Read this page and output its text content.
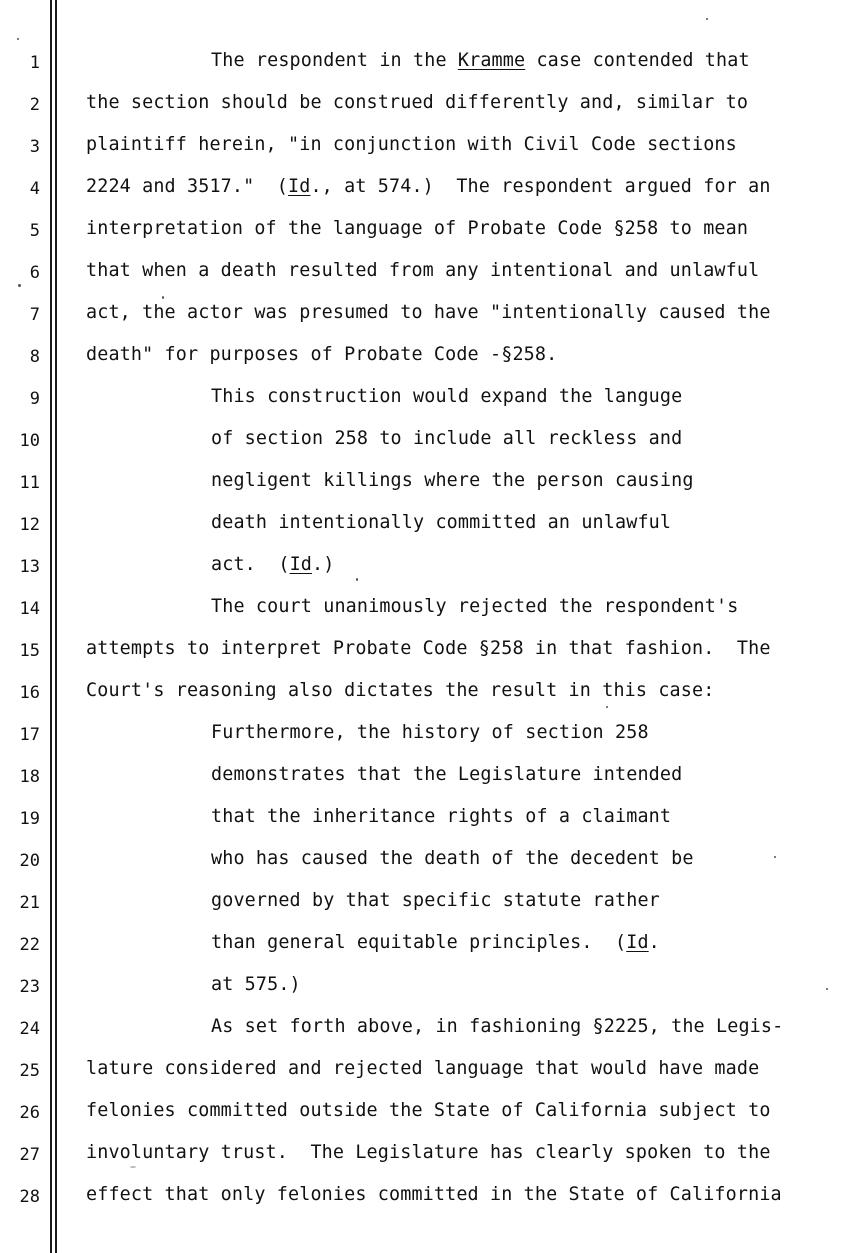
1
2
3
4
5
6
7
8
9
10
11
12
13
14
15
16
17
18
19
20
21
22
23
24
25
26
27
28
The respondent in the Kramme case contended that
the section should be construed differently and, similar to
plaintiff herein, "in conjunction with Civil Code sections
2224 and 3517."  (Id., at 574.)  The respondent argued for an
interpretation of the language of Probate Code §258 to mean
that when a death resulted from any intentional and unlawful
act, the actor was presumed to have "intentionally caused the
death" for purposes of Probate Code -§258.
This construction would expand the languge
of section 258 to include all reckless and
negligent killings where the person causing
death intentionally committed an unlawful
act.  (Id.)
The court unanimously rejected the respondent's
attempts to interpret Probate Code §258 in that fashion.  The
Court's reasoning also dictates the result in this case:
Furthermore, the history of section 258
demonstrates that the Legislature intended
that the inheritance rights of a claimant
who has caused the death of the decedent be
governed by that specific statute rather
than general equitable principles.  (Id.
at 575.)
As set forth above, in fashioning §2225, the Legis-
lature considered and rejected language that would have made
felonies committed outside the State of California subject to
involuntary trust.  The Legislature has clearly spoken to the
effect that only felonies committed in the State of California
